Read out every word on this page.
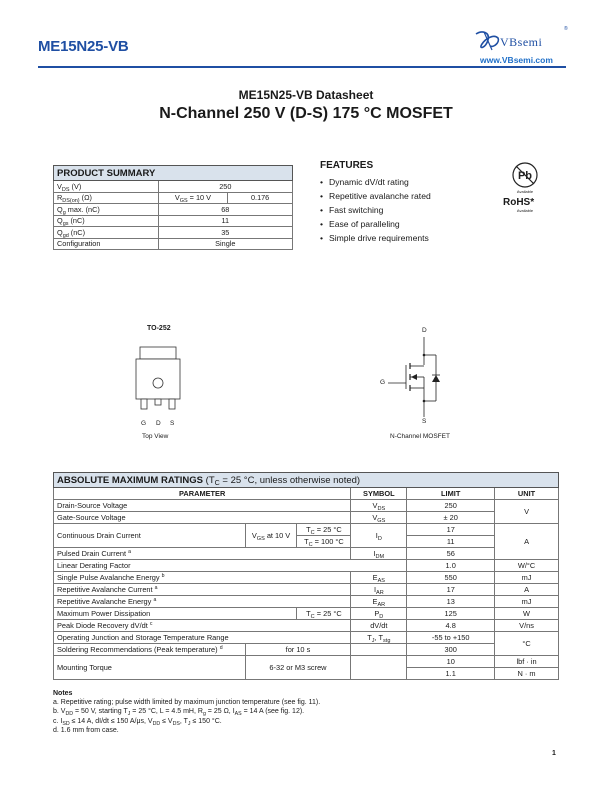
ME15N25-VB	VBsemi
®
www.VBsemi.com
ME15N25-VB Datasheet
N-Channel 250 V (D-S) 175 °C MOSFET
PRODUCT SUMMARY		
$V_{DS}$ (V)	250	
$R_{DS(on)}$ (Ω)	$V_{GS} = 10$ V	0.176
$Q_g$ max. (nC)	68	
$Q_{gs}$ (nC)	11	
$Q_{gd}$ (nC)	35	
Configuration	Single	
FEATURES
• Dynamic dV/dt rating
• Repetitive avalanche rated
• Fast switching
• Ease of paralleling
• Simple drive requirements
Pb
Available
RoHS*
Available
TO-252
G D S
Top View
D
G
S
N-Channel MOSFET
ABSOLUTE MAXIMUM RATINGS ($T_C = 25$ °C, unless otherwise noted)					
PARAMETER			SYMBOL	LIMIT	UNIT
Drain-Source Voltage			$V_{DS}$	250	V
Gate-Source Voltage			$V_{GS}$	± 20	
Continuous Drain Current	$V_{GS}$ at 10 V	$T_C = 25$ °C	$I_D$	17	A
		$T_C = 100$ °C		11	
Pulsed Drain Current $^a$			$I_{DM}$	56	
Linear Derating Factor				1.0	W/°C
Single Pulse Avalanche Energy $^b$			$E_{AS}$	550	mJ
Repetitive Avalanche Current $^a$			$I_{AR}$	17	A
Repetitive Avalanche Energy $^a$			$E_{AR}$	13	mJ
Maximum Power Dissipation		$T_C = 25$ °C	$P_D$	125	W
Peak Diode Recovery dV/dt $^c$			dV/dt	4.8	V/ns
Operating Junction and Storage Temperature Range			$T_J$, $T_{stg}$	-55 to +150	°C
Soldering Recommendations (Peak temperature) $^d$	for 10 s			300	
Mounting Torque	6-32 or M3 screw			10	lbf · in
				1.1	N · m
Notes
a. Repetitive rating; pulse width limited by maximum junction temperature (see fig. 11).
b. $V_{DD} = 50$ V, starting $T_J = 25$ °C, L = 4.5 mH, $R_g = 25$ Ω, $I_{AS} = 14$ A (see fig. 12).
c. $I_{SD} \le 14$ A, dI/dt ≤ 150 A/μs, $V_{DD} \le V_{DS}$, $T_J \le 150$ °C.
d. 1.6 mm from case.
1
